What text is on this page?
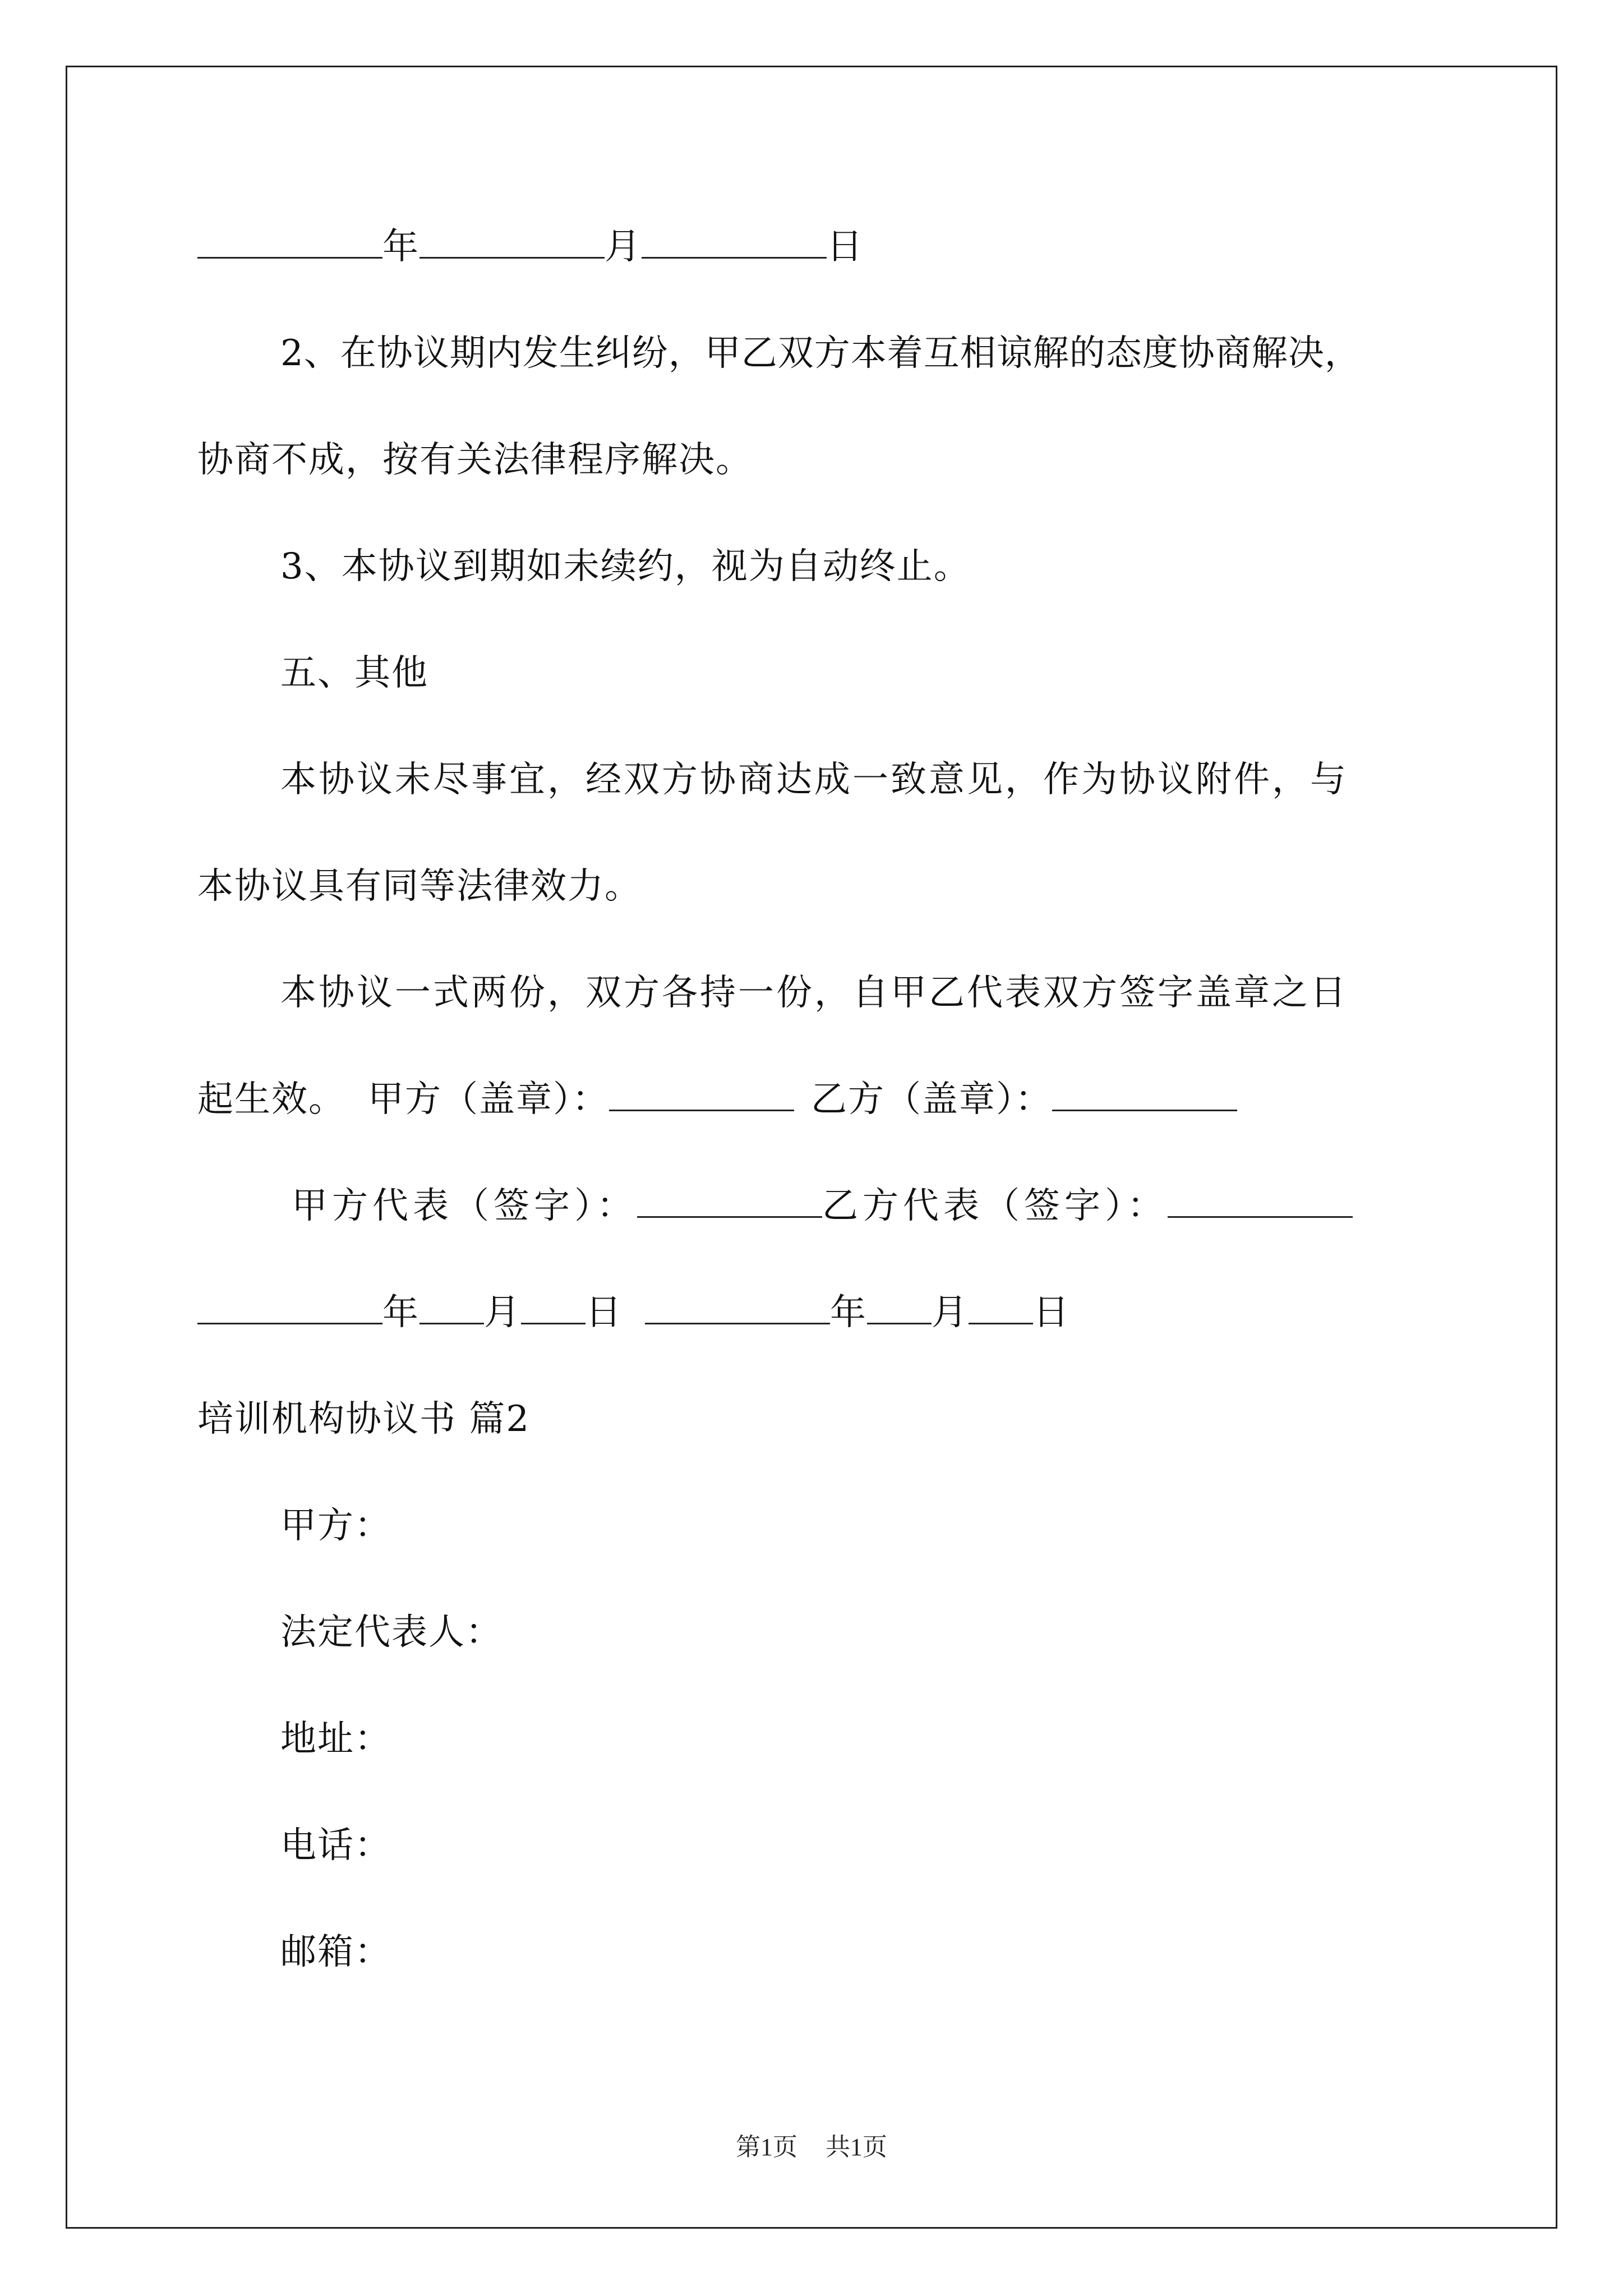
年	月	日
2、在协议期内发生纠纷，甲乙双方本着互相谅解的态度协商解决，
协商不成，按有关法律程序解决。
3、本协议到期如未续约，视为自动终止。
五、其他
本协议未尽事宜，经双方协商达成一致意见，作为协议附件，与
本协议具有同等法律效力。
本协议一式两份，双方各持一份，自甲乙代表双方签字盖章之日
起生效。 甲方（盖章）：	乙方（盖章）：
甲方代表（签字）：	乙方代表（签字）：
年 月 日	年 月 日
培训机构协议书 篇2
甲方：
法定代表人：
地址：
电话：
邮箱：
第1页 共1页
